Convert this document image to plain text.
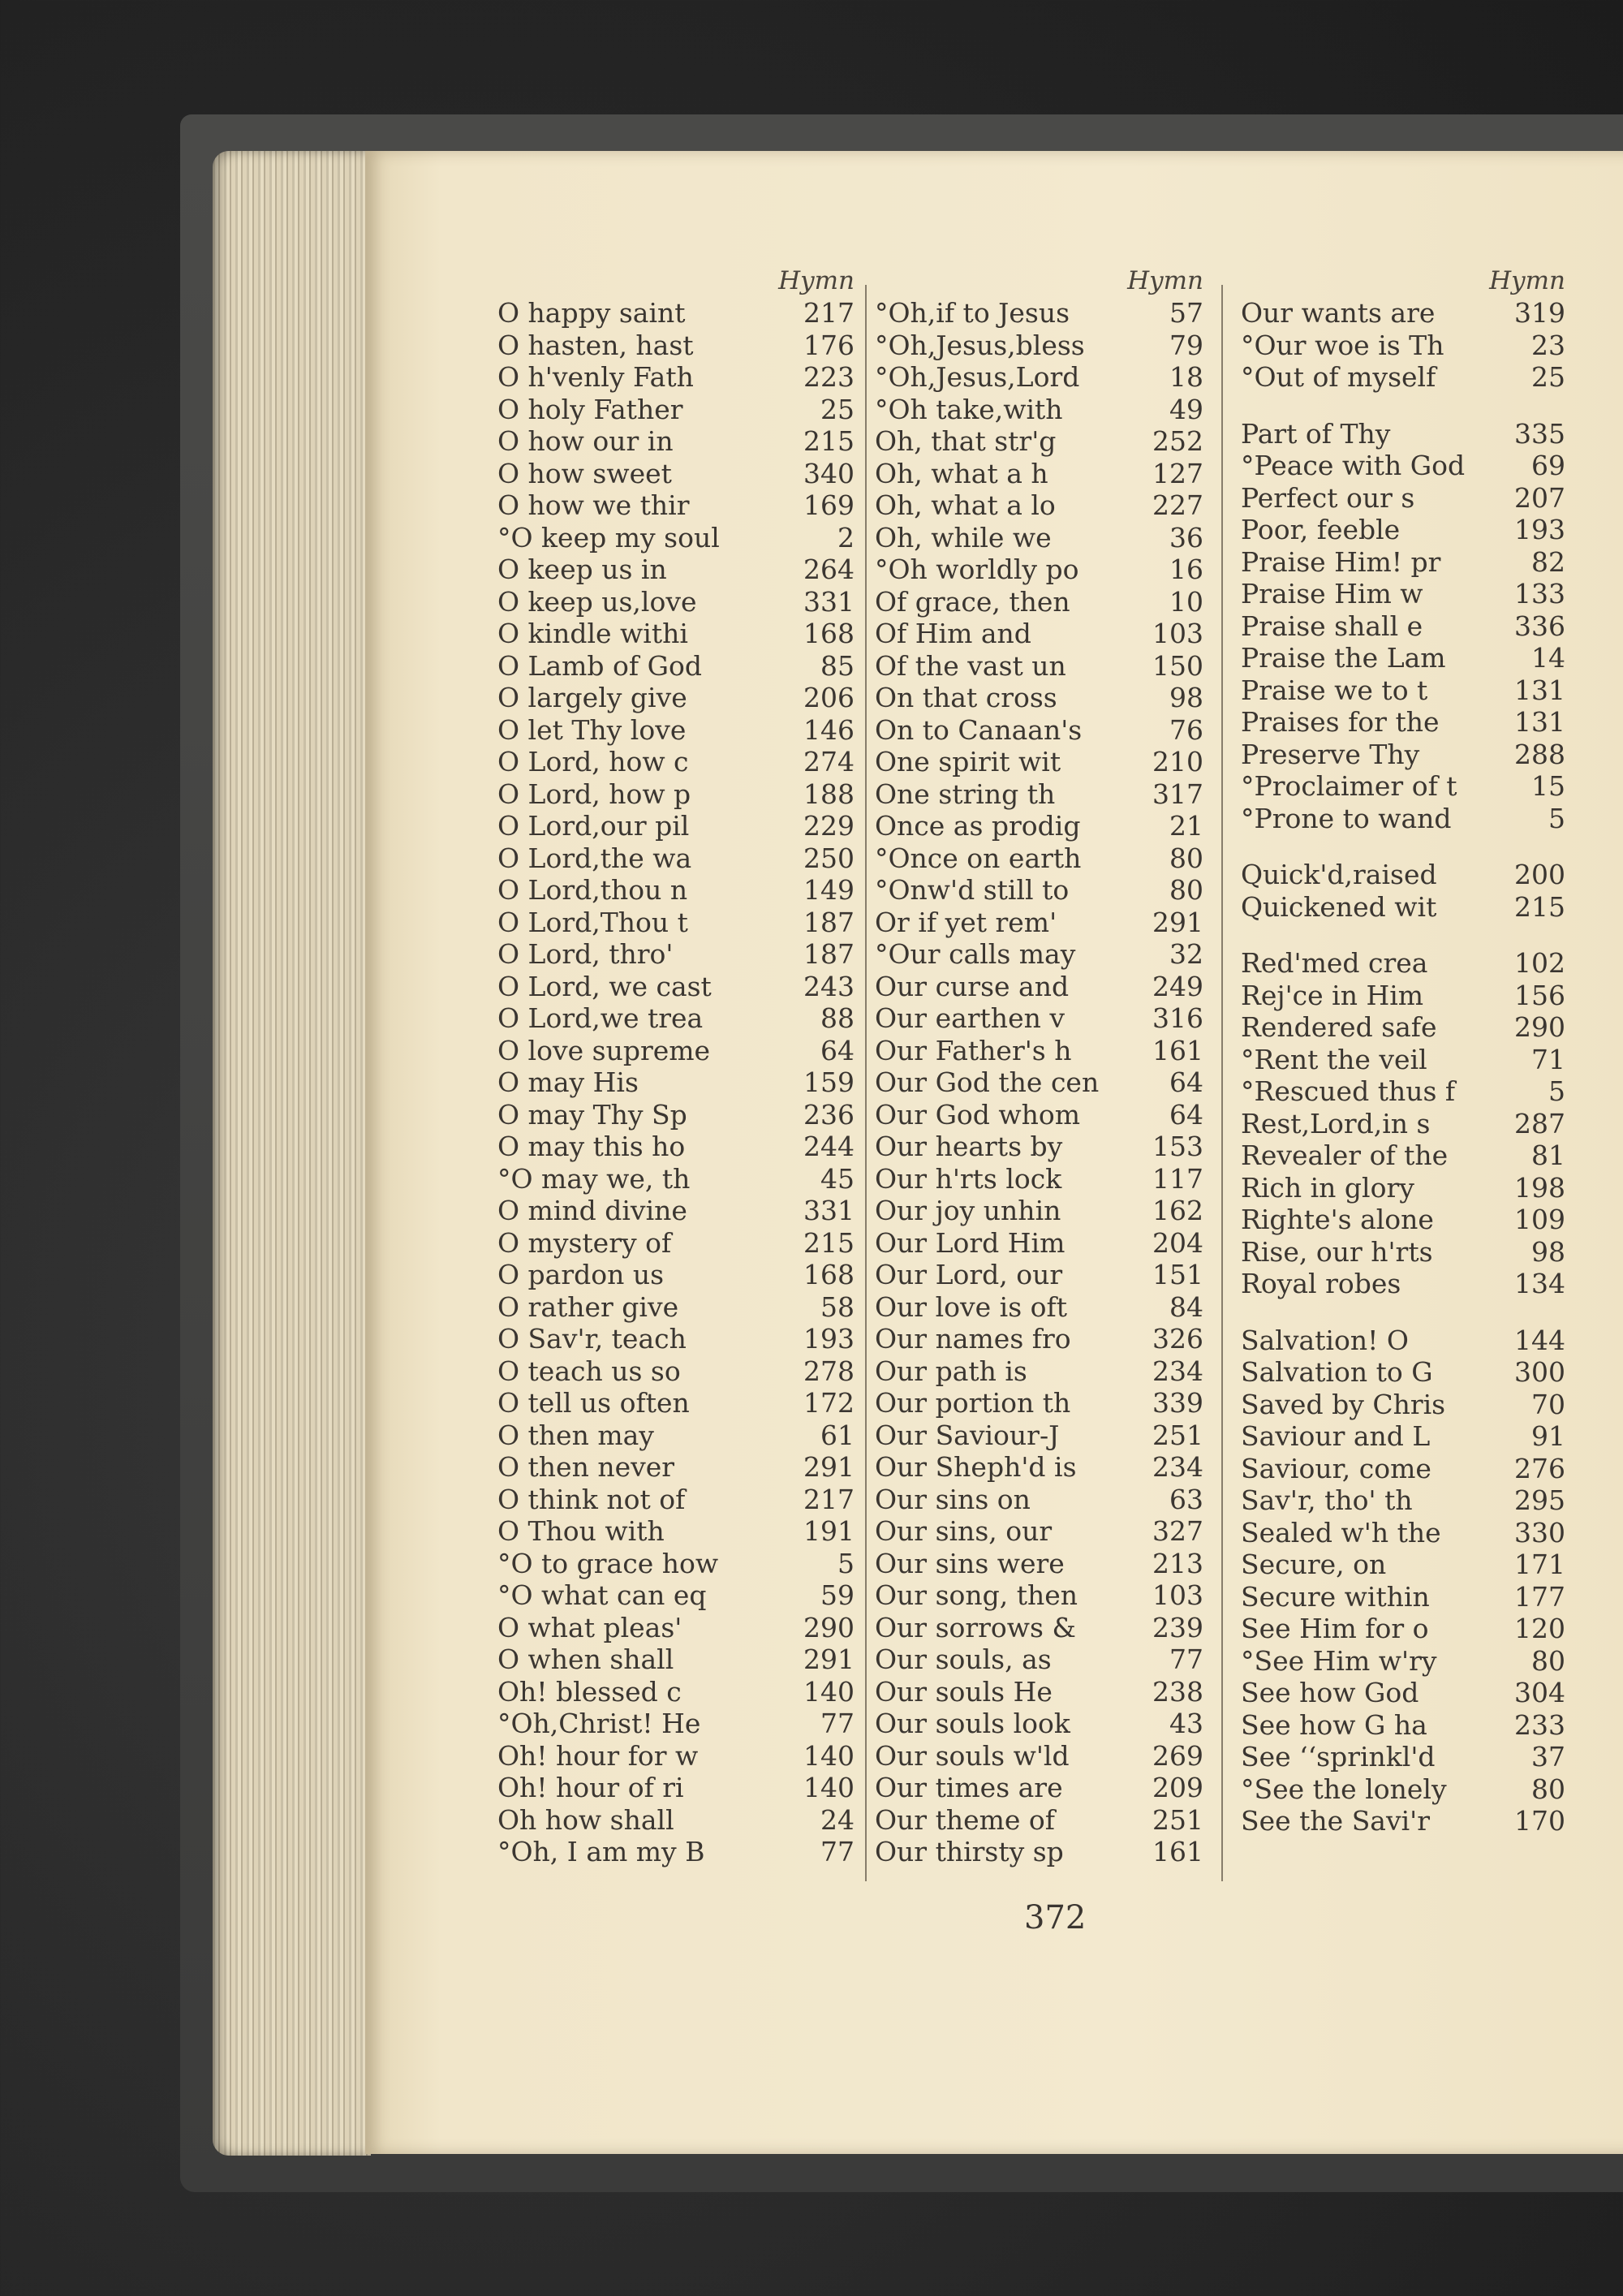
Hymn
O happy saint	217
O hasten, hast	176
O h'venly Fath	223
O holy Father	25
O how our in	215
O how sweet	340
O how we thir	169
°O keep my soul	2
O keep us in	264
O keep us,love	331
O kindle withi	168
O Lamb of God	85
O largely give	206
O let Thy love	146
O Lord, how c	274
O Lord, how p	188
O Lord,our pil	229
O Lord,the wa	250
O Lord,thou n	149
O Lord,Thou t	187
O Lord, thro'	187
O Lord, we cast	243
O Lord,we trea	88
O love supreme	64
O may His	159
O may Thy Sp	236
O may this ho	244
°O may we, th	45
O mind divine	331
O mystery of	215
O pardon us	168
O rather give	58
O Sav'r, teach	193
O teach us so	278
O tell us often	172
O then may	61
O then never	291
O think not of	217
O Thou with	191
°O to grace how	5
°O what can eq	59
O what pleas'	290
O when shall	291
Oh! blessed c	140
°Oh,Christ! He	77
Oh! hour for w	140
Oh! hour of ri	140
Oh how shall	24
°Oh, I am my B	77
Hymn
°Oh,if to Jesus	57
°Oh,Jesus,bless	79
°Oh,Jesus,Lord	18
°Oh take,with	49
Oh, that str'g	252
Oh, what a h	127
Oh, what a lo	227
Oh, while we	36
°Oh worldly po	16
Of grace, then	10
Of Him and	103
Of the vast un	150
On that cross	98
On to Canaan's	76
One spirit wit	210
One string th	317
Once as prodig	21
°Once on earth	80
°Onw'd still to	80
Or if yet rem'	291
°Our calls may	32
Our curse and	249
Our earthen v	316
Our Father's h	161
Our God the cen	64
Our God whom	64
Our hearts by	153
Our h'rts lock	117
Our joy unhin	162
Our Lord Him	204
Our Lord, our	151
Our love is oft	84
Our names fro	326
Our path is	234
Our portion th	339
Our Saviour-J	251
Our Sheph'd is	234
Our sins on	63
Our sins, our	327
Our sins were	213
Our song, then	103
Our sorrows &	239
Our souls, as	77
Our souls He	238
Our souls look	43
Our souls w'ld	269
Our times are	209
Our theme of	251
Our thirsty sp	161
Hymn
Our wants are	319
°Our woe is Th	23
°Out of myself	25
Part of Thy	335
°Peace with God 69
Perfect our s	207
Poor, feeble	193
Praise Him! pr	82
Praise Him w	133
Praise shall e	336
Praise the Lam	14
Praise we to t	131
Praises for the	131
Preserve Thy	288
°Proclaimer of t	15
°Prone to wand	5
Quick'd,raised	200
Quickened wit	215
Red'med crea	102
Rej'ce in Him	156
Rendered safe	290
°Rent the veil	71
°Rescued thus f	5
Rest,Lord,in s	287
Revealer of the	81
Rich in glory	198
Righte's alone	109
Rise, our h'rts	98
Royal robes	134
Salvation! O	144
Salvation to G	300
Saved by Chris	70
Saviour and L	91
Saviour, come	276
Sav'r, tho' th	295
Sealed w'h the	330
Secure, on	171
Secure within	177
See Him for o	120
°See Him w'ry	80
See how God	304
See how G ha	233
See ‘‘sprinkl'd	37
°See the lonely	80
See the Savi'r	170
372
